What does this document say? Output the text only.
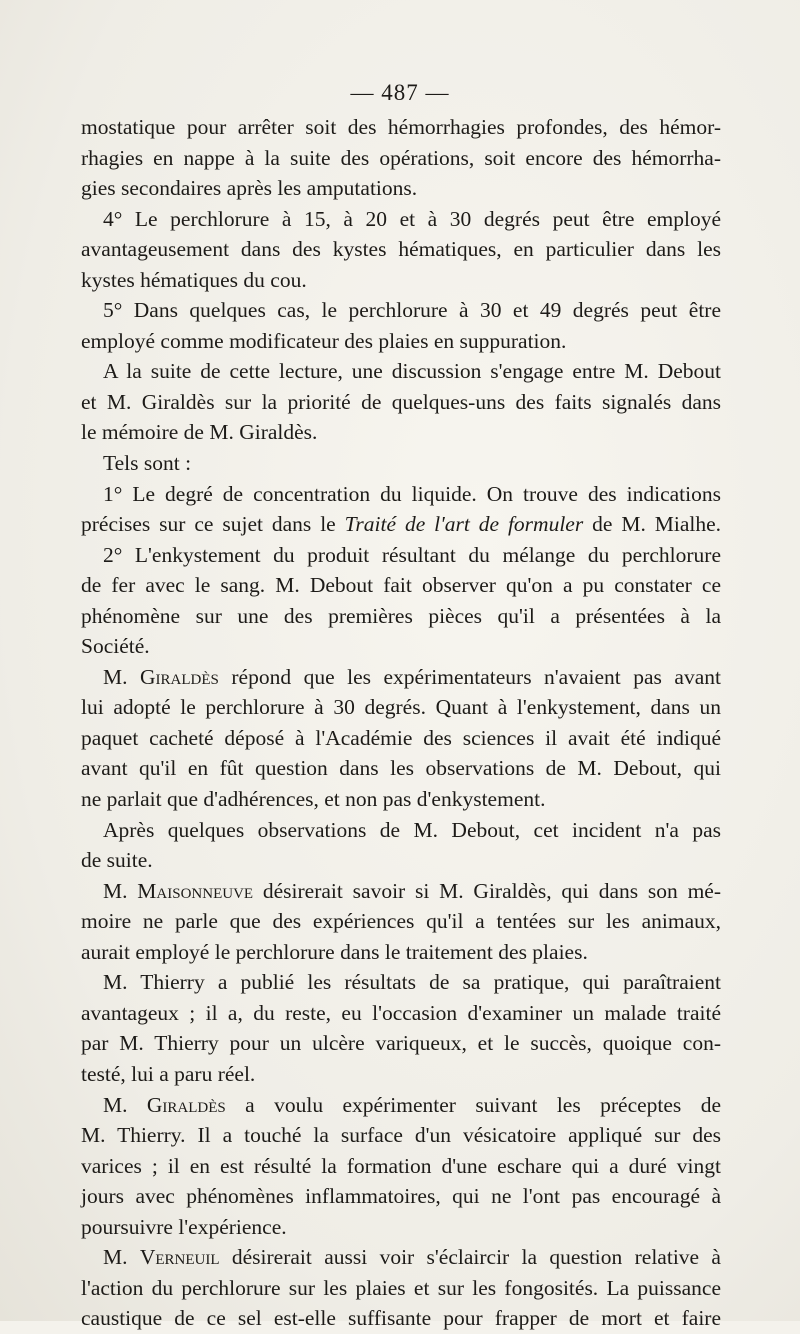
— 487 —
mostatique pour arrêter soit des hémorrhagies profondes, des hémor-
rhagies en nappe à la suite des opérations, soit encore des hémorrha-
gies secondaires après les amputations.
4° Le perchlorure à 15, à 20 et à 30 degrés peut être employé
avantageusement dans des kystes hématiques, en particulier dans les
kystes hématiques du cou.
5° Dans quelques cas, le perchlorure à 30 et 49 degrés peut être
employé comme modificateur des plaies en suppuration.
A la suite de cette lecture, une discussion s'engage entre M. Debout
et M. Giraldès sur la priorité de quelques-uns des faits signalés dans
le mémoire de M. Giraldès.
Tels sont :
1° Le degré de concentration du liquide. On trouve des indications
précises sur ce sujet dans le Traité de l'art de formuler de M. Mialhe.
2° L'enkystement du produit résultant du mélange du perchlorure
de fer avec le sang. M. Debout fait observer qu'on a pu constater ce
phénomène sur une des premières pièces qu'il a présentées à la
Société.
M. Giraldès répond que les expérimentateurs n'avaient pas avant
lui adopté le perchlorure à 30 degrés. Quant à l'enkystement, dans un
paquet cacheté déposé à l'Académie des sciences il avait été indiqué
avant qu'il en fût question dans les observations de M. Debout, qui
ne parlait que d'adhérences, et non pas d'enkystement.
Après quelques observations de M. Debout, cet incident n'a pas
de suite.
M. Maisonneuve désirerait savoir si M. Giraldès, qui dans son mé-
moire ne parle que des expériences qu'il a tentées sur les animaux,
aurait employé le perchlorure dans le traitement des plaies.
M. Thierry a publié les résultats de sa pratique, qui paraîtraient
avantageux ; il a, du reste, eu l'occasion d'examiner un malade traité
par M. Thierry pour un ulcère variqueux, et le succès, quoique con-
testé, lui a paru réel.
M. Giraldès a voulu expérimenter suivant les préceptes de
M. Thierry. Il a touché la surface d'un vésicatoire appliqué sur des
varices ; il en est résulté la formation d'une eschare qui a duré vingt
jours avec phénomènes inflammatoires, qui ne l'ont pas encouragé à
poursuivre l'expérience.
M. Verneuil désirerait aussi voir s'éclaircir la question relative à
l'action du perchlorure sur les plaies et sur les fongosités. La puissance
caustique de ce sel est-elle suffisante pour frapper de mort et faire
